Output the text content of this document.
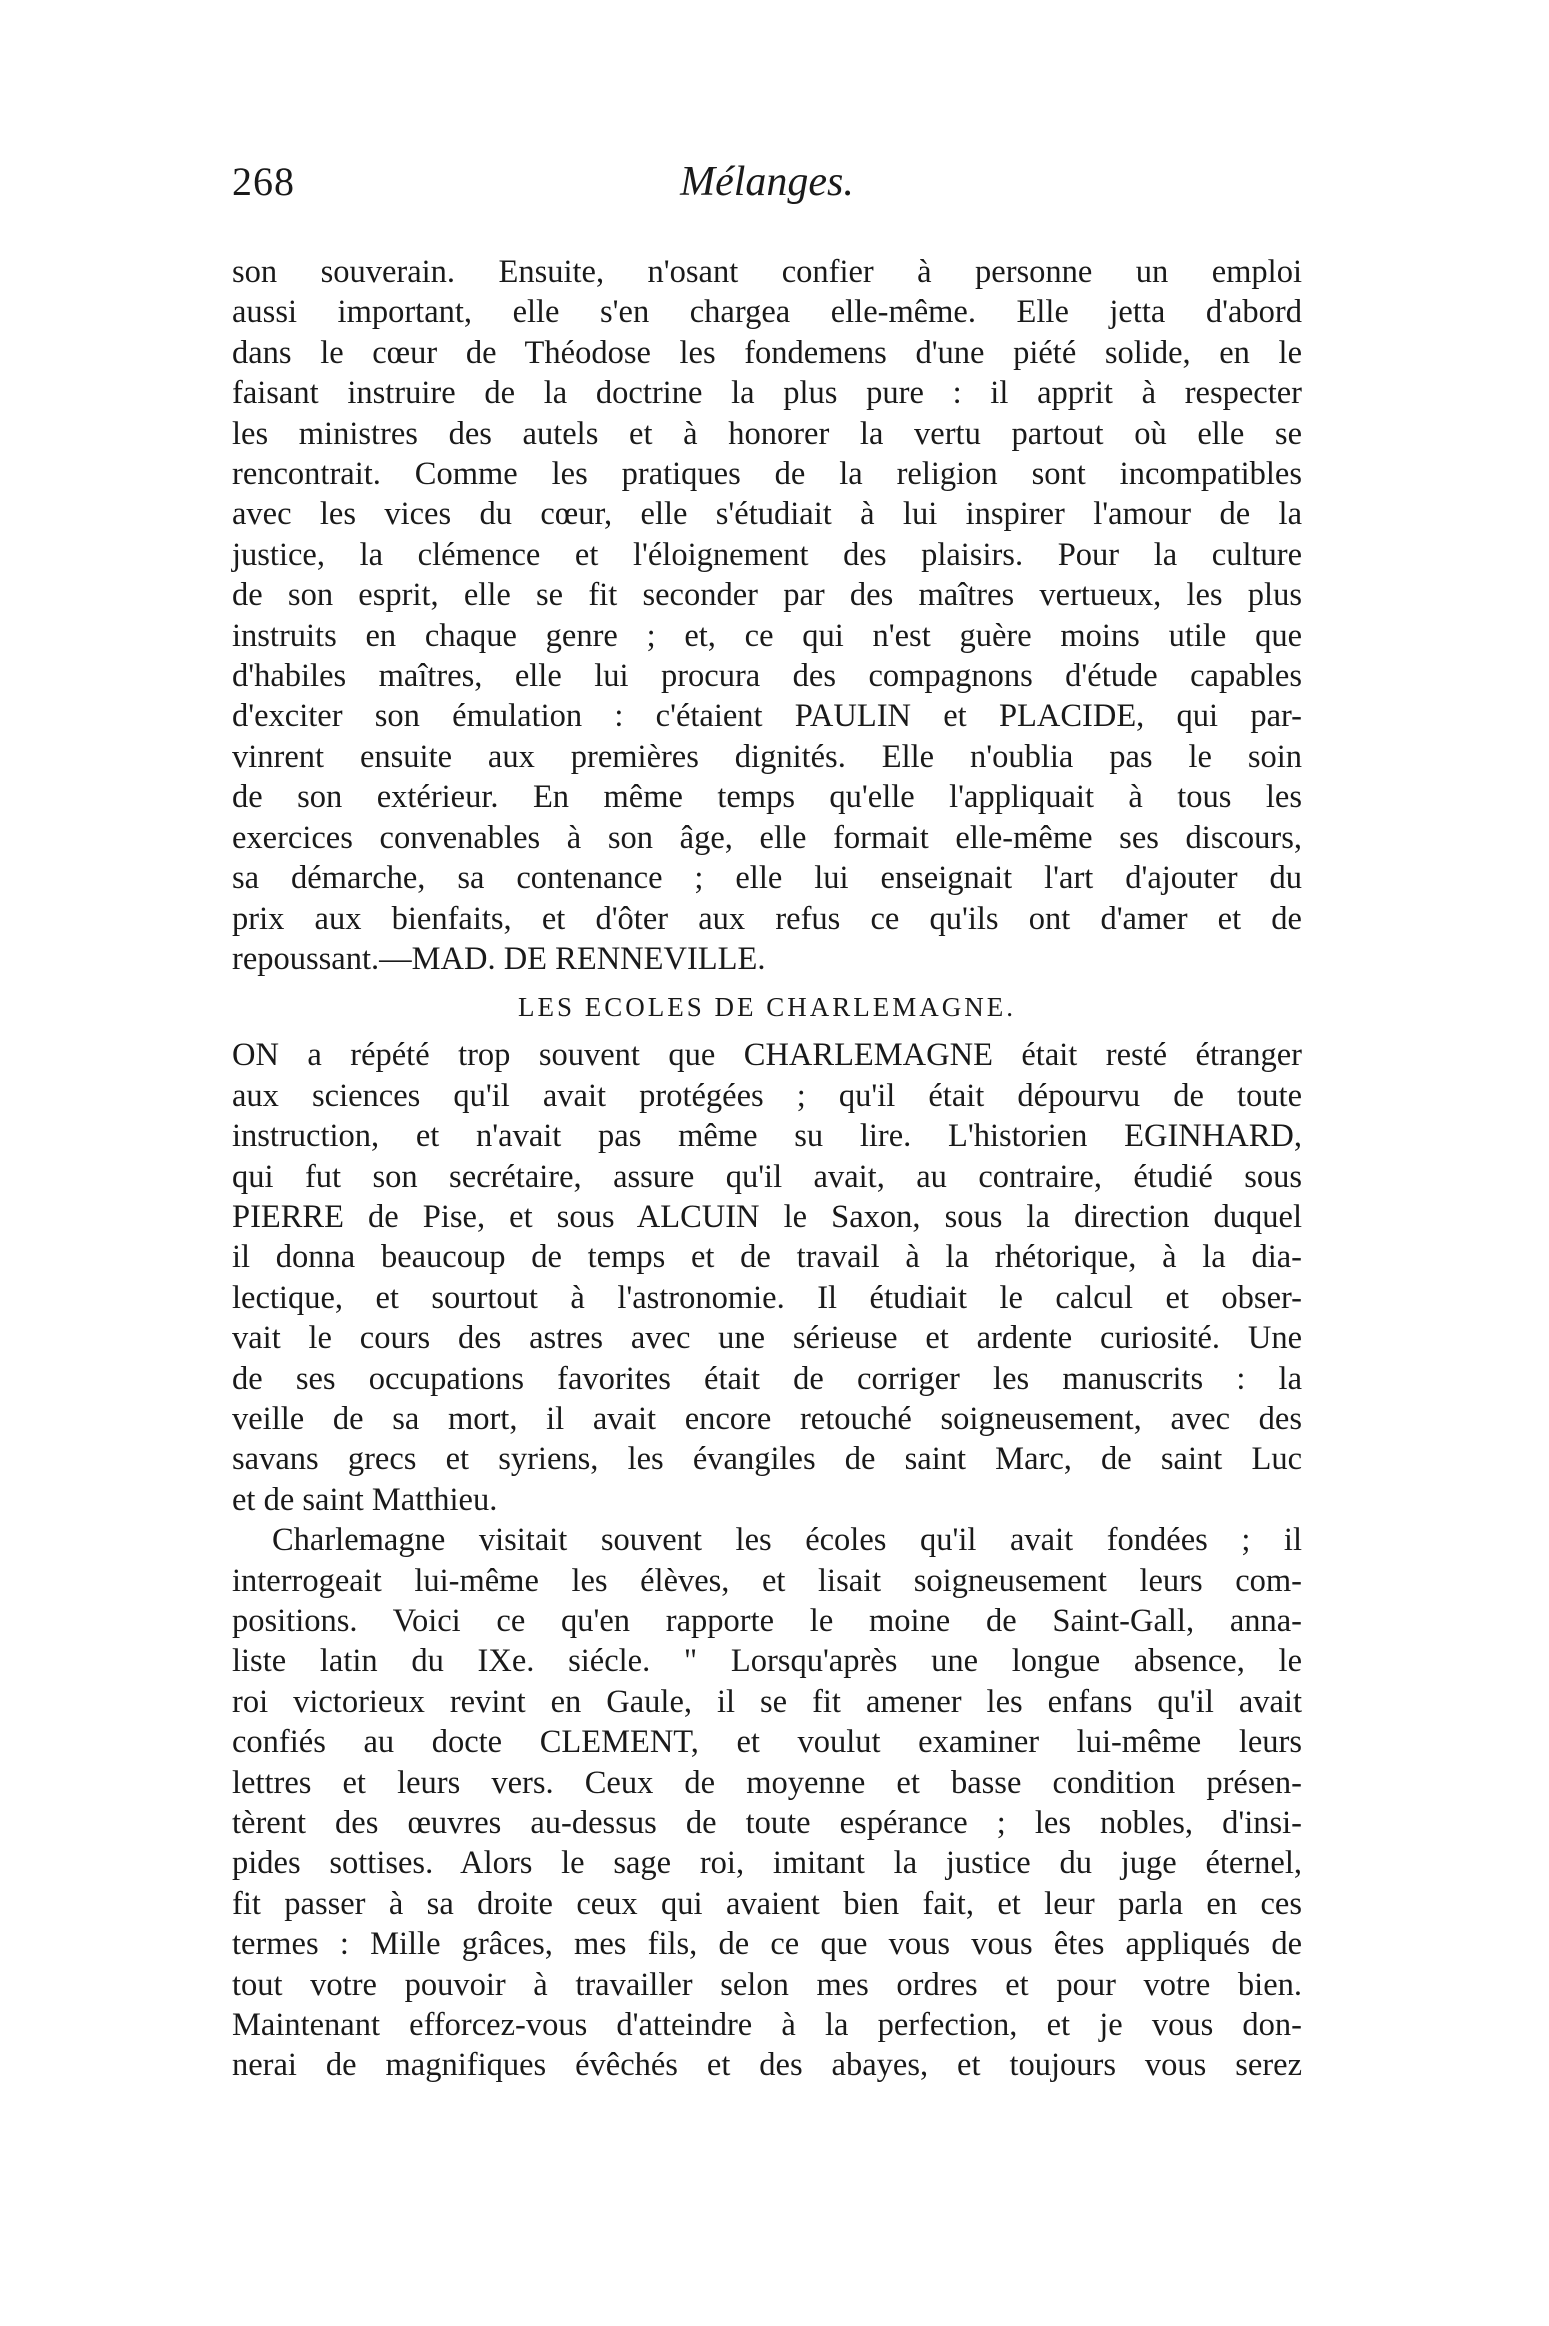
268	Mélanges.
son souverain. Ensuite, n'osant confier à personne un emploi
aussi important, elle s'en chargea elle-même. Elle jetta d'abord
dans le cœur de Théodose les fondemens d'une piété solide, en le
faisant instruire de la doctrine la plus pure : il apprit à respecter
les ministres des autels et à honorer la vertu partout où elle se
rencontrait. Comme les pratiques de la religion sont incompatibles
avec les vices du cœur, elle s'étudiait à lui inspirer l'amour de la
justice, la clémence et l'éloignement des plaisirs. Pour la culture
de son esprit, elle se fit seconder par des maîtres vertueux, les plus
instruits en chaque genre ; et, ce qui n'est guère moins utile que
d'habiles maîtres, elle lui procura des compagnons d'étude capables
d'exciter son émulation : c'étaient PAULIN et PLACIDE, qui par-
vinrent ensuite aux premières dignités. Elle n'oublia pas le soin
de son extérieur. En même temps qu'elle l'appliquait à tous les
exercices convenables à son âge, elle formait elle-même ses discours,
sa démarche, sa contenance ; elle lui enseignait l'art d'ajouter du
prix aux bienfaits, et d'ôter aux refus ce qu'ils ont d'amer et de
repoussant.—MAD. DE RENNEVILLE.
LES ECOLES DE CHARLEMAGNE.
ON a répété trop souvent que CHARLEMAGNE était resté étranger
aux sciences qu'il avait protégées ; qu'il était dépourvu de toute
instruction, et n'avait pas même su lire. L'historien EGINHARD,
qui fut son secrétaire, assure qu'il avait, au contraire, étudié sous
PIERRE de Pise, et sous ALCUIN le Saxon, sous la direction duquel
il donna beaucoup de temps et de travail à la rhétorique, à la dia-
lectique, et sourtout à l'astronomie. Il étudiait le calcul et obser-
vait le cours des astres avec une sérieuse et ardente curiosité. Une
de ses occupations favorites était de corriger les manuscrits : la
veille de sa mort, il avait encore retouché soigneusement, avec des
savans grecs et syriens, les évangiles de saint Marc, de saint Luc
et de saint Matthieu.
Charlemagne visitait souvent les écoles qu'il avait fondées ; il
interrogeait lui-même les élèves, et lisait soigneusement leurs com-
positions. Voici ce qu'en rapporte le moine de Saint-Gall, anna-
liste latin du IXe. siécle. " Lorsqu'après une longue absence, le
roi victorieux revint en Gaule, il se fit amener les enfans qu'il avait
confiés au docte CLEMENT, et voulut examiner lui-même leurs
lettres et leurs vers. Ceux de moyenne et basse condition présen-
tèrent des œuvres au-dessus de toute espérance ; les nobles, d'insi-
pides sottises. Alors le sage roi, imitant la justice du juge éternel,
fit passer à sa droite ceux qui avaient bien fait, et leur parla en ces
termes : Mille grâces, mes fils, de ce que vous vous êtes appliqués de
tout votre pouvoir à travailler selon mes ordres et pour votre bien.
Maintenant efforcez-vous d'atteindre à la perfection, et je vous don-
nerai de magnifiques évêchés et des abayes, et toujours vous serez
